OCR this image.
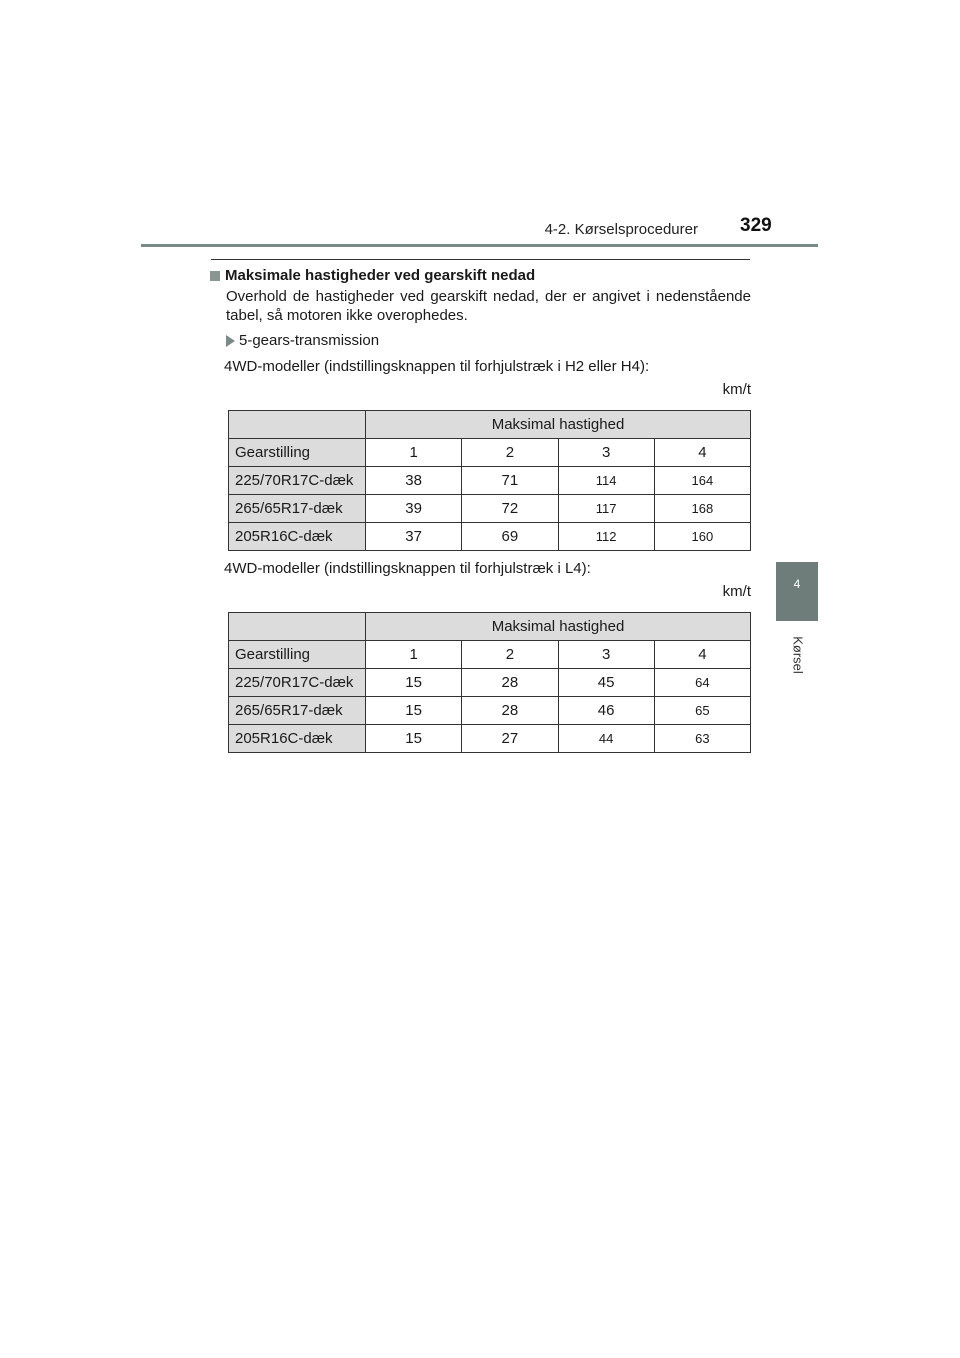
4-2. Kørselsprocedurer 329
4
Kørsel
Maksimale hastigheder ved gearskift nedad
Overhold de hastigheder ved gearskift nedad, der er angivet i nedenstående tabel, så motoren ikke overophedes.
5-gears-transmission
4WD-modeller (indstillingsknappen til forhjulstræk i H2 eller H4):
km/t
	Maksimal hastighed			
Gearstilling	1	2	3	4
225/70R17C-dæk	38	71	114	164
265/65R17-dæk	39	72	117	168
205R16C-dæk	37	69	112	160
4WD-modeller (indstillingsknappen til forhjulstræk i L4):
km/t
	Maksimal hastighed			
Gearstilling	1	2	3	4
225/70R17C-dæk	15	28	45	64
265/65R17-dæk	15	28	46	65
205R16C-dæk	15	27	44	63
